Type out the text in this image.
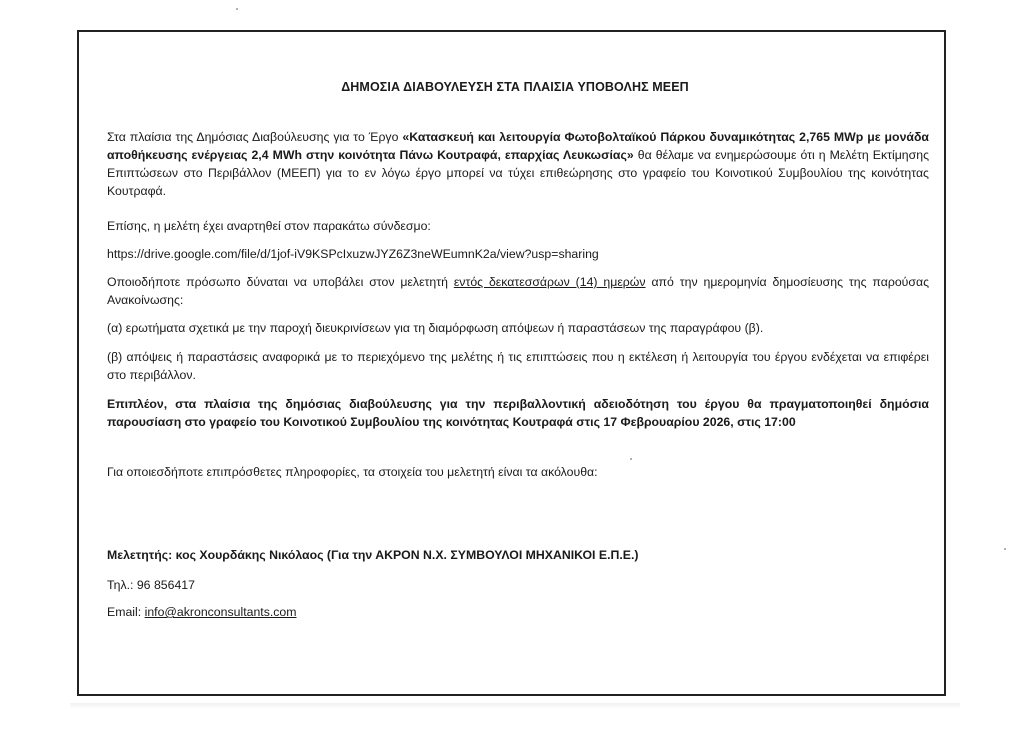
ΔΗΜΟΣΙΑ ΔΙΑΒΟΥΛΕΥΣΗ ΣΤΑ ΠΛΑΙΣΙΑ ΥΠΟΒΟΛΗΣ ΜΕΕΠ

Στα πλαίσια της Δημόσιας Διαβούλευσης για το Έργο «Κατασκευή και λειτουργία Φωτοβολταϊκού Πάρκου δυναμικότητας 2,765 MWp με μονάδα αποθήκευσης ενέργειας 2,4 MWh στην κοινότητα Πάνω Κουτραφά, επαρχίας Λευκωσίας» θα θέλαμε να ενημερώσουμε ότι η Μελέτη Εκτίμησης Επιπτώσεων στο Περιβάλλον (ΜΕΕΠ) για το εν λόγω έργο μπορεί να τύχει επιθεώρησης στο γραφείο του Κοινοτικού Συμβουλίου της κοινότητας Κουτραφά.

Επίσης, η μελέτη έχει αναρτηθεί στον παρακάτω σύνδεσμο:

https://drive.google.com/file/d/1jof-iV9KSPcIxuzwJYZ6Z3neWEumnK2a/view?usp=sharing

Οποιοδήποτε πρόσωπο δύναται να υποβάλει στον μελετητή εντός δεκατεσσάρων (14) ημερών από την ημερομηνία δημοσίευσης της παρούσας Ανακοίνωσης:

(α) ερωτήματα σχετικά με την παροχή διευκρινίσεων για τη διαμόρφωση απόψεων ή παραστάσεων της παραγράφου (β).

(β) απόψεις ή παραστάσεις αναφορικά με το περιεχόμενο της μελέτης ή τις επιπτώσεις που η εκτέλεση ή λειτουργία του έργου ενδέχεται να επιφέρει στο περιβάλλον.

Επιπλέον, στα πλαίσια της δημόσιας διαβούλευσης για την περιβαλλοντική αδειοδότηση του έργου θα πραγματοποιηθεί δημόσια παρουσίαση στο γραφείο του Κοινοτικού Συμβουλίου της κοινότητας Κουτραφά στις 17 Φεβρουαρίου 2026, στις 17:00

Για οποιεσδήποτε επιπρόσθετες πληροφορίες, τα στοιχεία του μελετητή είναι τα ακόλουθα:

Μελετητής: κος Χουρδάκης Νικόλαος (Για την ΑΚΡΟΝ Ν.Χ. ΣΥΜΒΟΥΛΟΙ ΜΗΧΑΝΙΚΟΙ Ε.Π.Ε.)

Τηλ.: 96 856417

Email: info@akronconsultants.com
